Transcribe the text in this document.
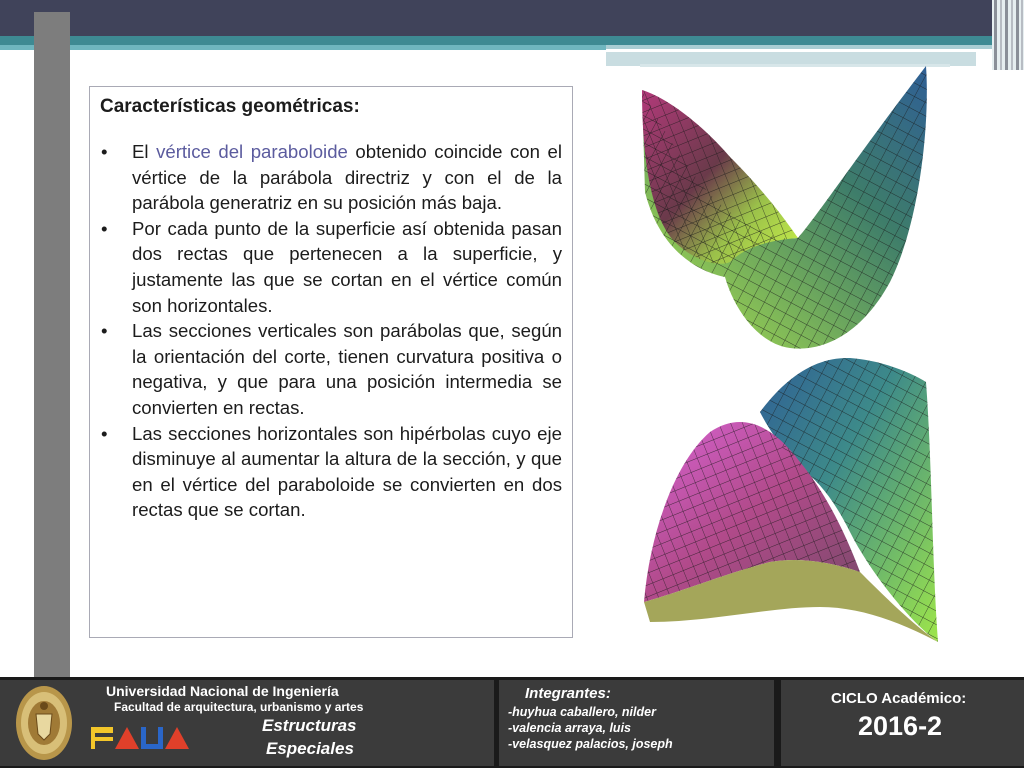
Características geométricas:
• El vértice del paraboloide obtenido coincide con el vértice de la parábola directriz y con el de la parábola generatriz en su posición más baja.
• Por cada punto de la superficie así obtenida pasan dos rectas que pertenecen a la superficie, y justamente las que se cortan en el vértice común son horizontales.
• Las secciones verticales son parábolas que, según la orientación del corte, tienen curvatura positiva o negativa, y que para una posición intermedia se convierten en rectas.
• Las secciones horizontales son hipérbolas cuyo eje disminuye al aumentar la altura de la sección, y que en el vértice del paraboloide se convierten en dos rectas que se cortan.
Universidad Nacional de Ingeniería
Facultad de arquitectura, urbanismo y artes
Estructuras
Especiales
Integrantes:
-huyhua caballero, nilder
-valencia arraya, luis
-velasquez palacios, joseph
CICLO Académico:
2016-2
